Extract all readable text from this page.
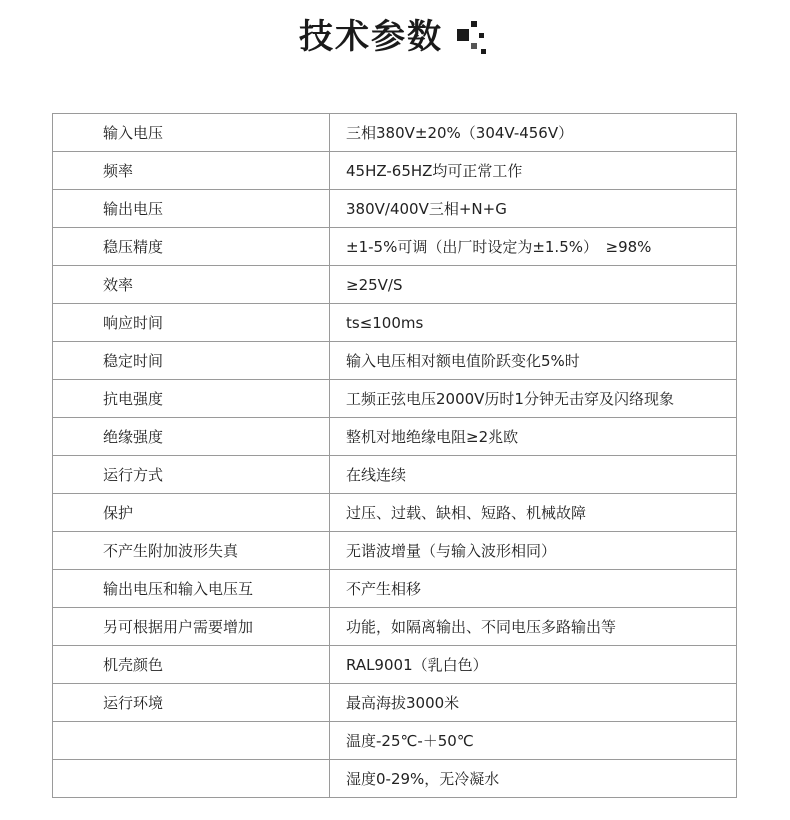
技术参数
输入电压	三相380V±20%（304V-456V）
频率	45HZ-65HZ均可正常工作
输出电压	380V/400V三相+N+G
稳压精度	±1-5%可调（出厂时设定为±1.5%）　≥98%
效率	≥25V/S
响应时间	ts≤100ms
稳定时间	输入电压相对额电值阶跃变化5%时
抗电强度	工频正弦电压2000V历时1分钟无击穿及闪络现象
绝缘强度	整机对地绝缘电阻≥2兆欧
运行方式	在线连续
保护	过压、过载、缺相、短路、机械故障
不产生附加波形失真	无谐波增量（与输入波形相同）
输出电压和输入电压互	不产生相移
另可根据用户需要增加	功能，如隔离输出、不同电压多路输出等
机壳颜色	RAL9001（乳白色）
运行环境	最高海拔3000米
	温度-25℃-＋50℃
	湿度0-29%，无冷凝水
